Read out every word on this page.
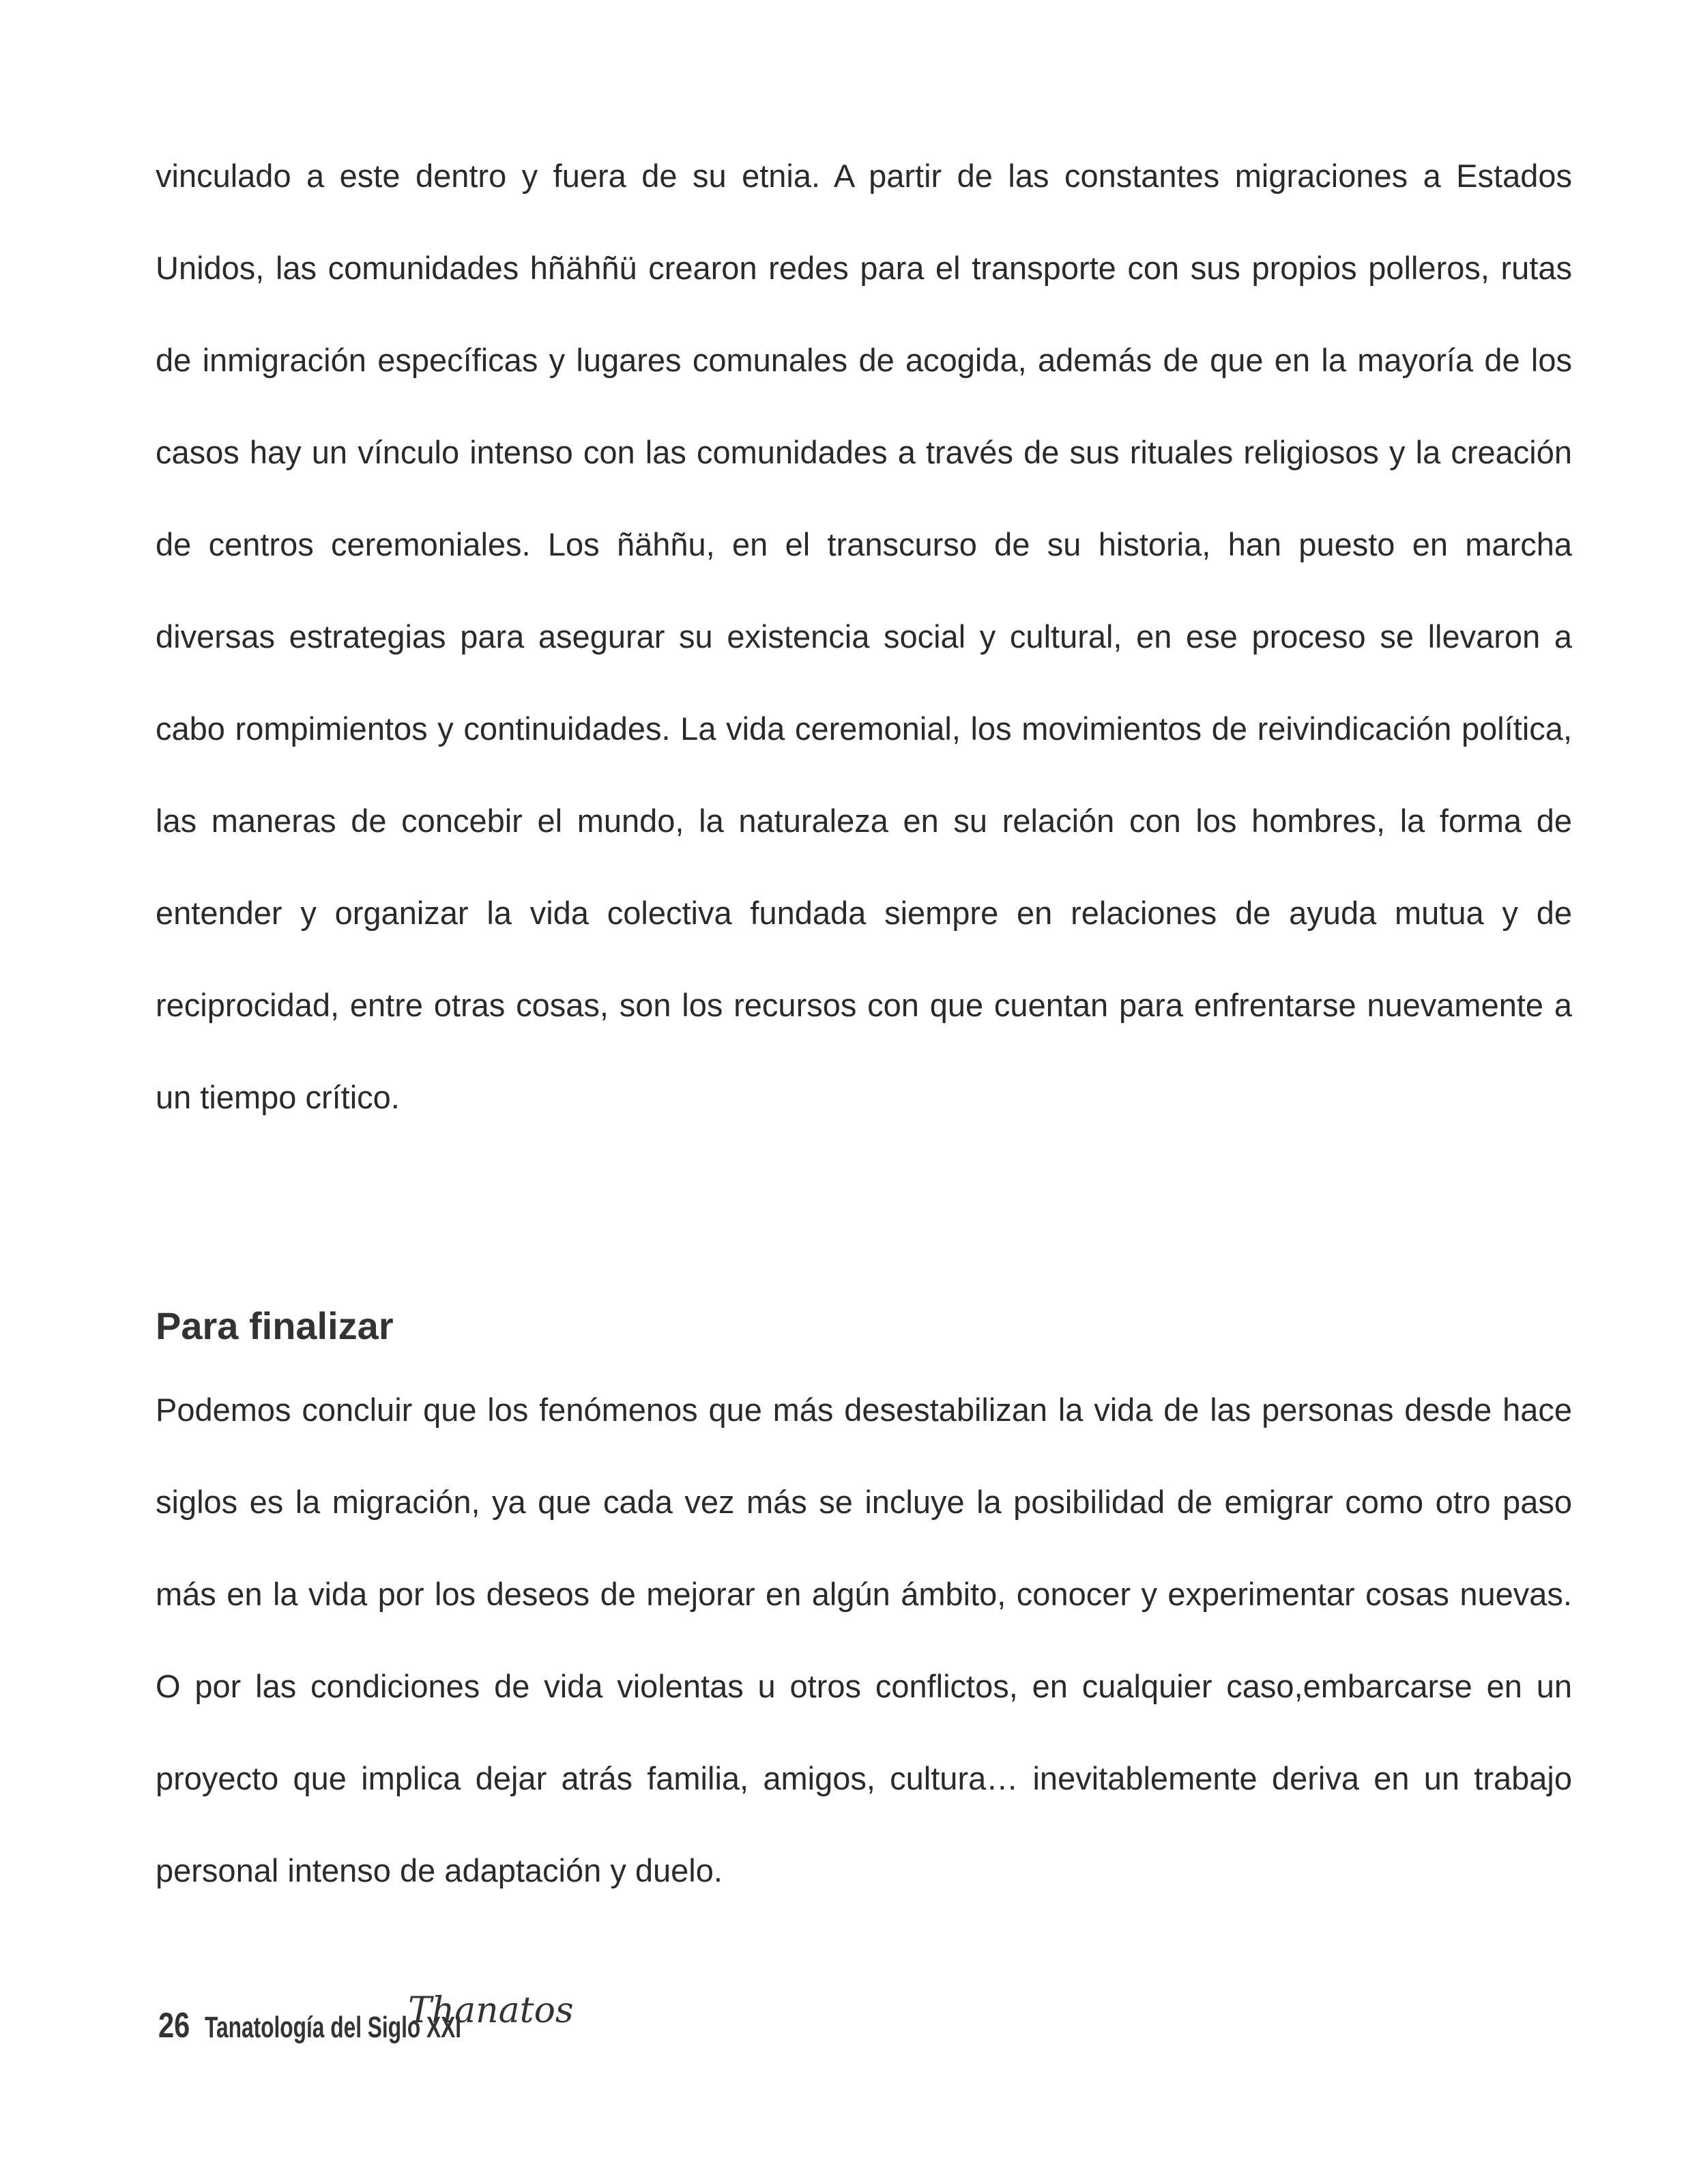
vinculado a este dentro y fuera de su etnia. A partir de las constantes migraciones a Estados Unidos, las comunidades hñähñü crearon redes para el transporte con sus propios polleros, rutas de inmigración específicas y lugares comunales de acogida, además de que en la mayoría de los casos hay un vínculo intenso con las comunidades a través de sus rituales religiosos y la creación de centros ceremoniales. Los ñähñu, en el transcurso de su historia, han puesto en marcha diversas estrategias para asegurar su existencia social y cultural, en ese proceso se llevaron a cabo rompimientos y continuidades. La vida ceremonial, los movimientos de reivindicación política, las maneras de concebir el mundo, la naturaleza en su relación con los hombres, la forma de entender y organizar la vida colectiva fundada siempre en relaciones de ayuda mutua y de reciprocidad, entre otras cosas, son los recursos con que cuentan para enfrentarse nuevamente a un tiempo crítico.

Para finalizar

Podemos concluir que los fenómenos que más desestabilizan la vida de las personas desde hace siglos es la migración, ya que cada vez más se incluye la posibilidad de emigrar como otro paso más en la vida por los deseos de mejorar en algún ámbito, conocer y experimentar cosas nuevas. O por las condiciones de vida violentas u otros conflictos, en cualquier caso,embarcarse en un proyecto que implica dejar atrás familia, amigos, cultura… inevitablemente deriva en un trabajo personal intenso de adaptación y duelo.

26 Tanatología del Siglo XXI
Thanatos
